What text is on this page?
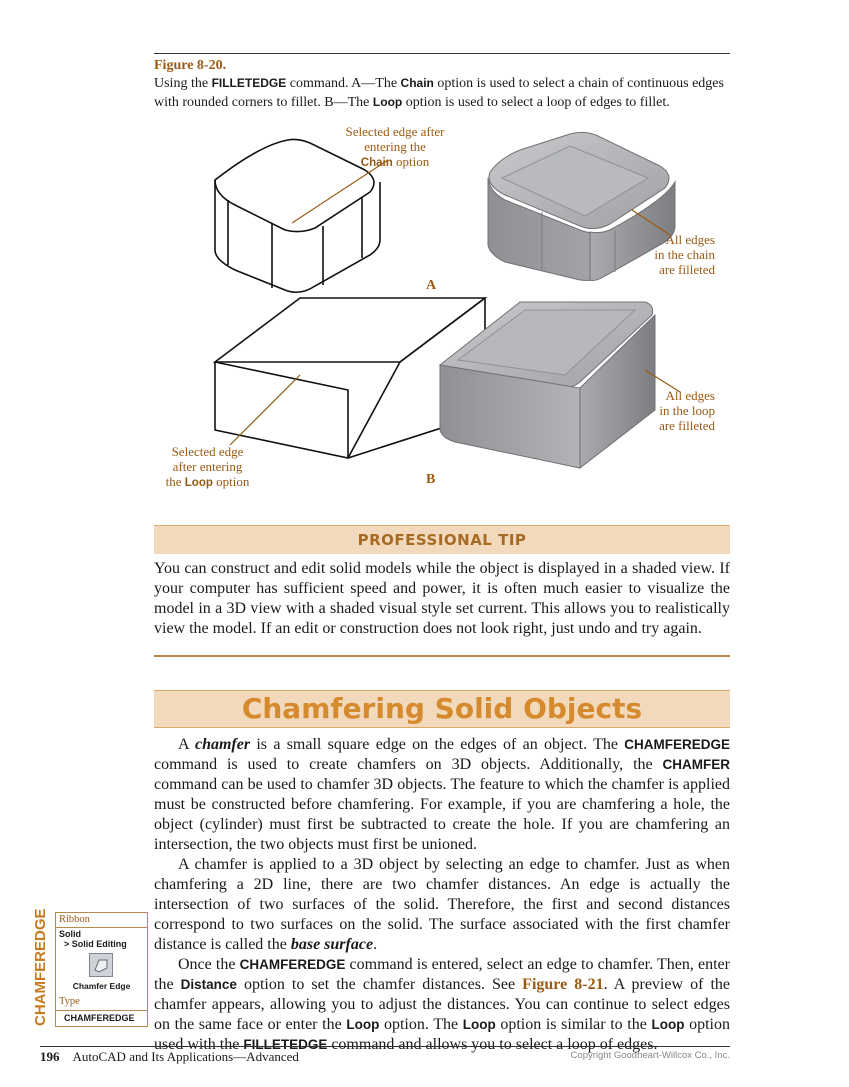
Figure 8-20.
Using the FILLETEDGE command. A—The Chain option is used to select a chain of continuous edges with rounded corners to fillet. B—The Loop option is used to select a loop of edges to fillet.
Selected edge after
entering the
Chain option
All edges
in the chain
are filleted
A
All edges
in the loop
are filleted
Selected edge
after entering
the Loop option	B
PROFESSIONAL TIP
You can construct and edit solid models while the object is displayed in a shaded view. If your computer has sufficient speed and power, it is often much easier to visualize the model in a 3D view with a shaded visual style set current. This allows you to realistically view the model. If an edit or construction does not look right, just undo and try again.
Chamfering Solid Objects

A chamfer is a small square edge on the edges of an object. The CHAMFEREDGE command is used to create chamfers on 3D objects. Additionally, the CHAMFER command can be used to chamfer 3D objects. The feature to which the chamfer is applied must be constructed before chamfering. For example, if you are chamfering a hole, the object (cylinder) must first be subtracted to create the hole. If you are chamfering an intersection, the two objects must first be unioned.

A chamfer is applied to a 3D object by selecting an edge to chamfer. Just as when chamfering a 2D line, there are two chamfer distances. An edge is actually the intersection of two surfaces of the solid. Therefore, the first and second distances correspond to two surfaces on the solid. The surface associated with the first chamfer distance is called the base surface.

Once the CHAMFEREDGE command is entered, select an edge to chamfer. Then, enter the Distance option to set the chamfer distances. See Figure 8-21. A preview of the chamfer appears, allowing you to adjust the distances. You can continue to select edges on the same face or enter the Loop option. The Loop option is similar to the Loop option used with the FILLETEDGE command and allows you to select a loop of edges.

CHAMFEREDGE Ribbon
Solid
> Solid Editing
Chamfer Edge
Type
CHAMFEREDGE
196 AutoCAD and Its Applications—Advanced	Copyright Goodheart-Willcox Co., Inc.
